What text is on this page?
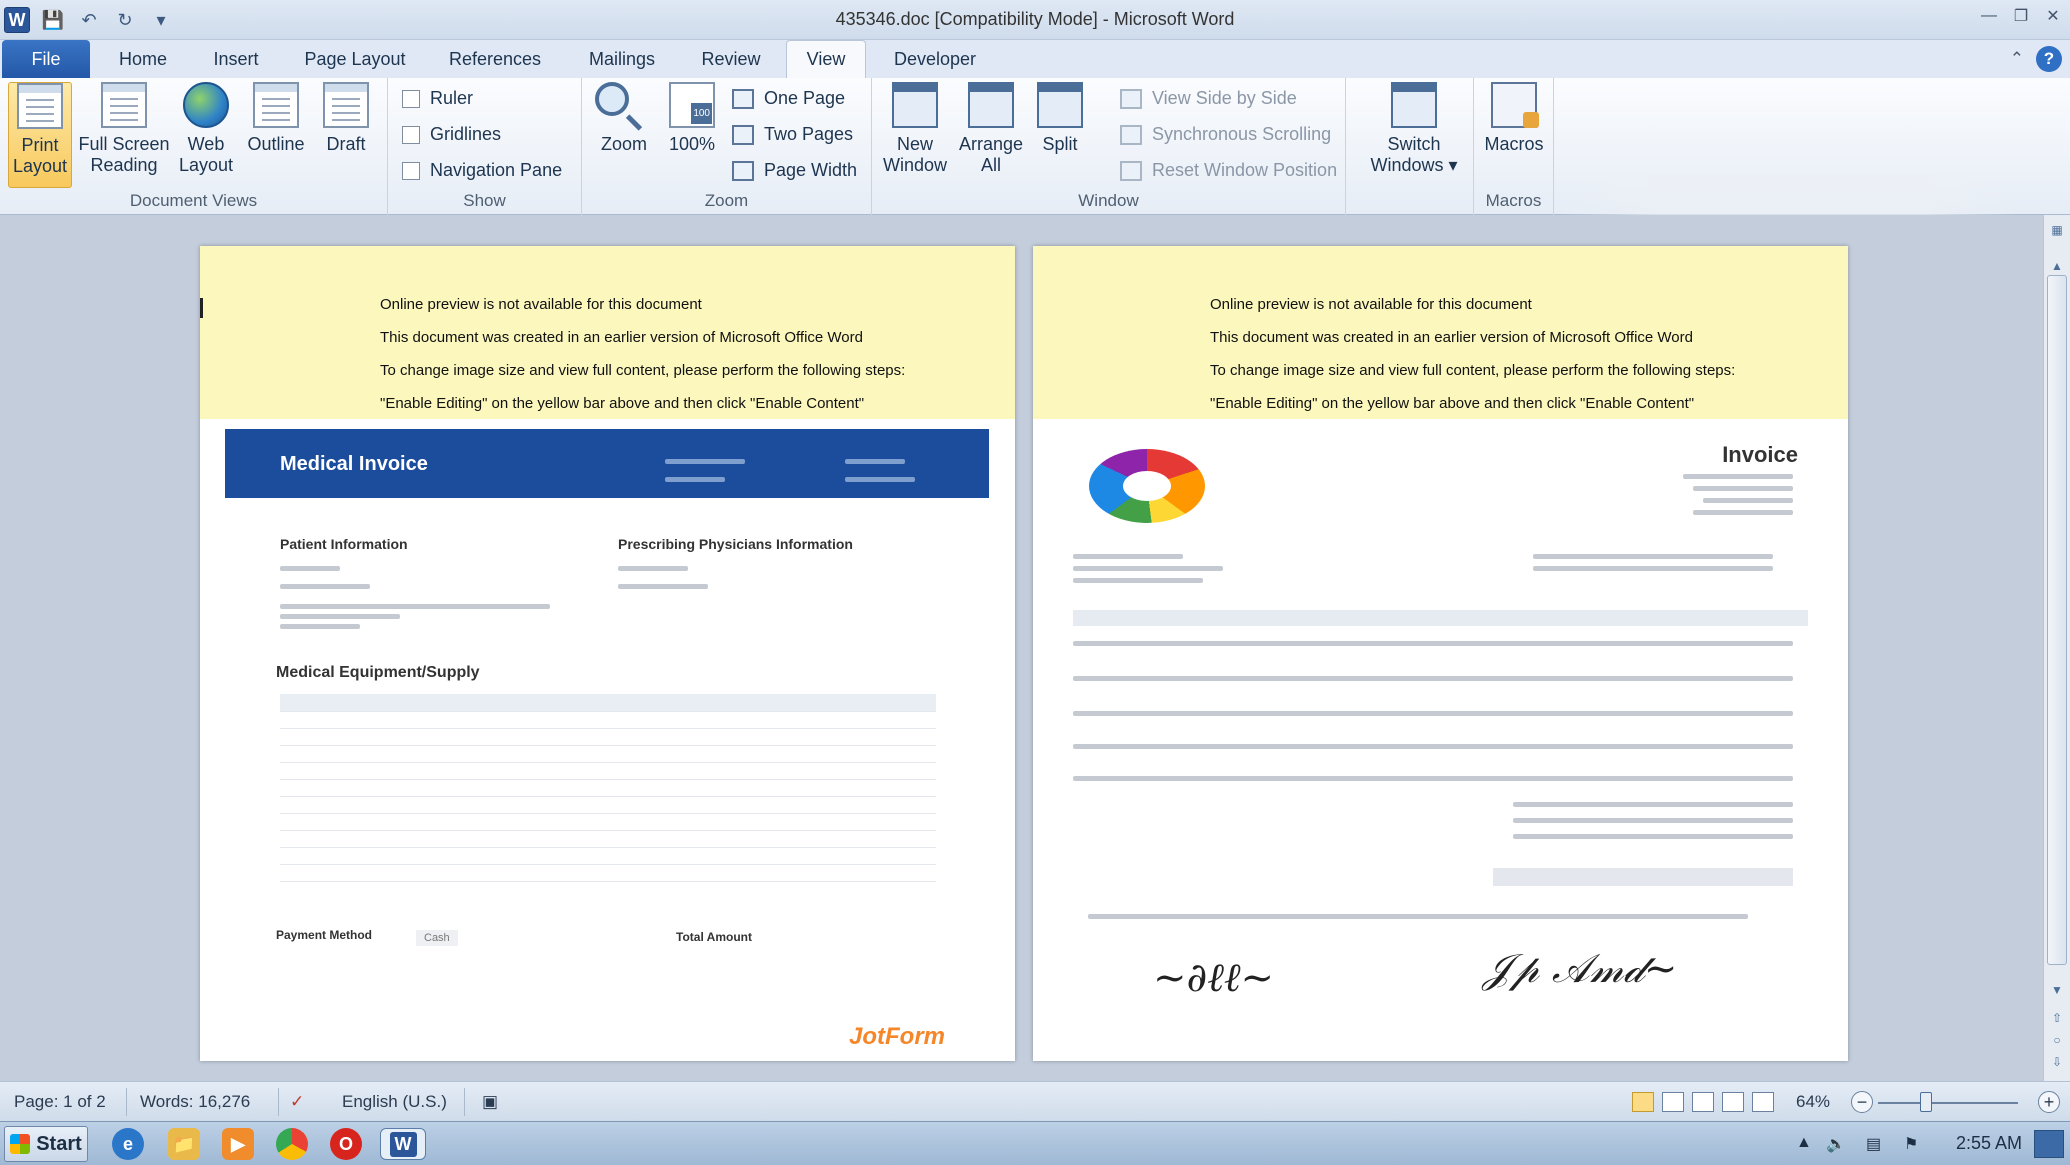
W 💾 ↶	↻	▾	435346.doc [Compatibility Mode] - Microsoft Word	— ❐ ✕
File	Home	Insert	Page Layout	References	Mailings	Review	View	Developer	⌃	?
Print
Layout
Full Screen
Reading
Web
Layout
Outline Draft
Document Views
Ruler
Gridlines
Navigation Pane
Show
Zoom
100
100%
One Page
Two Pages
Page Width
Zoom
New
Window
Arrange
All
Split
View Side by Side
Synchronous Scrolling
Reset Window Position
Window
Switch
Windows ▾
Macros
Macros

Online preview is not available for this document

This document was created in an earlier version of Microsoft Office Word

To change image size and view full content, please perform the following steps:

"Enable Editing" on the yellow bar above and then click "Enable Content"

Medical Invoice
Patient Information	Prescribing Physicians Information
Medical Equipment/Supply

Payment Method	Cash	Total Amount
JotForm

Online preview is not available for this document

This document was created in an earlier version of Microsoft Office Word

To change image size and view full content, please perform the following steps:

"Enable Editing" on the yellow bar above and then click "Enable Content"

Invoice
~∂ℓℓ~	𝒥𝓅 𝒜𝓂𝒹~
▦
▲
▼
⇧
○
⇩
Page: 1 of 2 Words: 16,276 ✓ English (U.S.) ▣	64%	−	+
Start	e	📁	▶	O	W	▲ 🔈 ▤ ⚑ 2:55 AM
